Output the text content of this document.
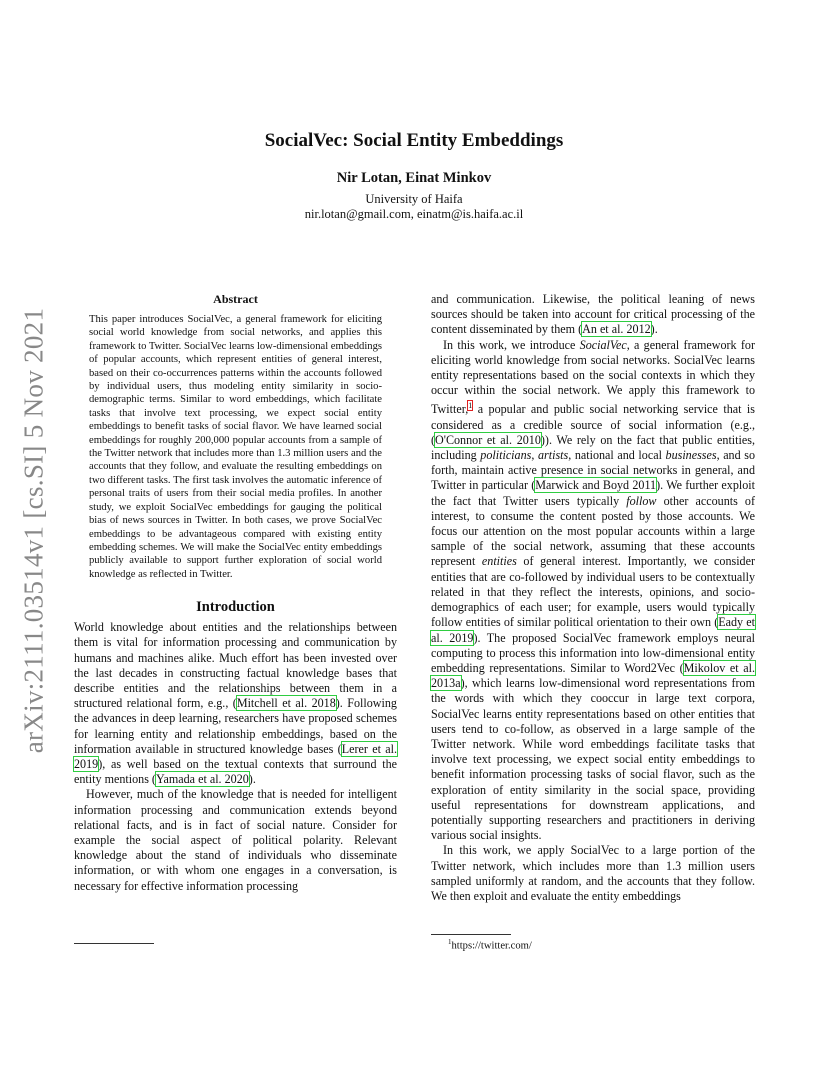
arXiv:2111.03514v1 [cs.SI] 5 Nov 2021
SocialVec: Social Entity Embeddings
Nir Lotan, Einat Minkov
University of Haifa
nir.lotan@gmail.com, einatm@is.haifa.ac.il
Abstract
This paper introduces SocialVec, a general framework for eliciting social world knowledge from social networks, and applies this framework to Twitter. SocialVec learns low-dimensional embeddings of popular accounts, which represent entities of general interest, based on their co-occurrences patterns within the accounts followed by individual users, thus modeling entity similarity in socio-demographic terms. Similar to word embeddings, which facilitate tasks that involve text processing, we expect social entity embeddings to benefit tasks of social flavor. We have learned social embeddings for roughly 200,000 popular accounts from a sample of the Twitter network that includes more than 1.3 million users and the accounts that they follow, and evaluate the resulting embeddings on two different tasks. The first task involves the automatic inference of personal traits of users from their social media profiles. In another study, we exploit SocialVec embeddings for gauging the political bias of news sources in Twitter. In both cases, we prove SocialVec embeddings to be advantageous compared with existing entity embedding schemes. We will make the SocialVec entity embeddings publicly available to support further exploration of social world knowledge as reflected in Twitter.
Introduction

World knowledge about entities and the relationships between them is vital for information processing and communication by humans and machines alike. Much effort has been invested over the last decades in constructing factual knowledge bases that describe entities and the relationships between them in a structured relational form, e.g., (Mitchell et al. 2018). Following the advances in deep learning, researchers have proposed schemes for learning entity and relationship embeddings, based on the information available in structured knowledge bases (Lerer et al. 2019), as well based on the textual contexts that surround the entity mentions (Yamada et al. 2020).

However, much of the knowledge that is needed for intelligent information processing and communication extends beyond relational facts, and is in fact of social nature. Consider for example the social aspect of political polarity. Relevant knowledge about the stand of individuals who disseminate information, or with whom one engages in a conversation, is necessary for effective information processing

and communication. Likewise, the political leaning of news sources should be taken into account for critical processing of the content disseminated by them (An et al. 2012).

In this work, we introduce SocialVec, a general framework for eliciting world knowledge from social networks. SocialVec learns entity representations based on the social contexts in which they occur within the social network. We apply this framework to Twitter,$^1$ a popular and public social networking service that is considered as a credible source of social information (e.g., (O'Connor et al. 2010)). We rely on the fact that public entities, including politicians, artists, national and local businesses, and so forth, maintain active presence in social networks in general, and Twitter in particular (Marwick and Boyd 2011). We further exploit the fact that Twitter users typically follow other accounts of interest, to consume the content posted by those accounts. We focus our attention on the most popular accounts within a large sample of the social network, assuming that these accounts represent entities of general interest. Importantly, we consider entities that are co-followed by individual users to be contextually related in that they reflect the interests, opinions, and socio-demographics of each user; for example, users would typically follow entities of similar political orientation to their own (Eady et al. 2019). The proposed SocialVec framework employs neural computing to process this information into low-dimensional entity embedding representations. Similar to Word2Vec (Mikolov et al. 2013a), which learns low-dimensional word representations from the words with which they cooccur in large text corpora, SocialVec learns entity representations based on other entities that users tend to co-follow, as observed in a large sample of the Twitter network. While word embeddings facilitate tasks that involve text processing, we expect social entity embeddings to benefit information processing tasks of social flavor, such as the exploration of entity similarity in the social space, providing useful representations for downstream applications, and potentially supporting researchers and practitioners in deriving various social insights.

In this work, we apply SocialVec to a large portion of the Twitter network, which includes more than 1.3 million users sampled uniformly at random, and the accounts that they follow. We then exploit and evaluate the entity embeddings

$^1$https://twitter.com/
